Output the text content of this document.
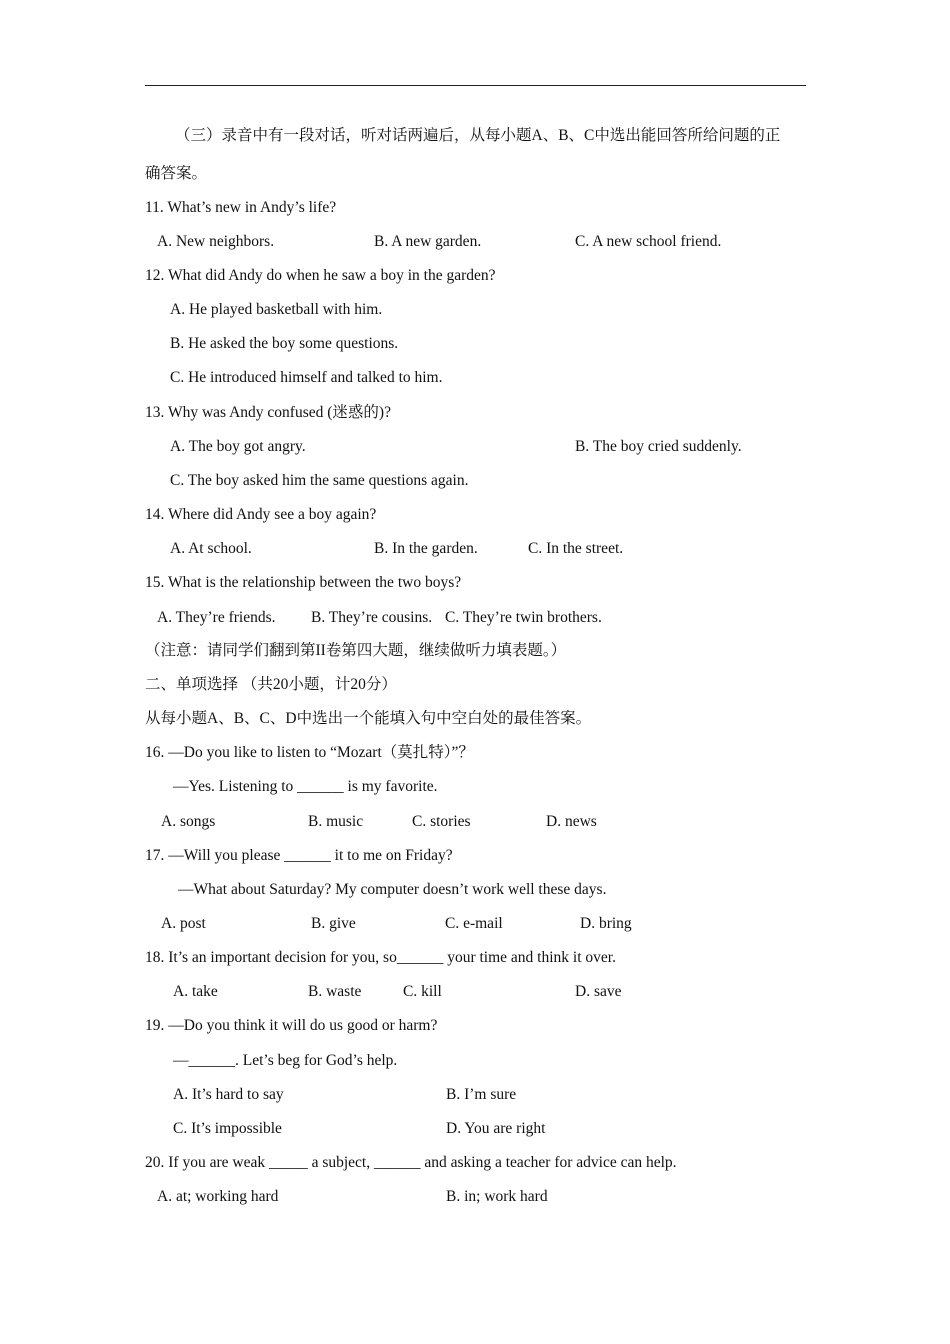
（三）录音中有一段对话，听对话两遍后，从每小题A、B、C中选出能回答所给问题的正
确答案。
11. What’s new in Andy’s life?
A. New neighbors.	B. A new garden.	C. A new school friend.
12. What did Andy do when he saw a boy in the garden?
A. He played basketball with him.
B. He asked the boy some questions.
C. He introduced himself and talked to him.
13. Why was Andy confused (迷惑的)?
A. The boy got angry.	B. The boy cried suddenly.
C. The boy asked him the same questions again.
14. Where did Andy see a boy again?
A. At school.	B. In the garden.	C. In the street.
15. What is the relationship between the two boys?
A. They’re friends. B. They’re cousins. C. They’re twin brothers.
（注意：请同学们翻到第II卷第四大题，继续做听力填表题。）
二、单项选择 （共20小题，计20分）
从每小题A、B、C、D中选出一个能填入句中空白处的最佳答案。
16. —Do you like to listen to “Mozart（莫扎特）”？
—Yes. Listening to ______ is my favorite.
A. songs	B. music	C. stories	D. news
17. —Will you please ______ it to me on Friday?
—What about Saturday? My computer doesn’t work well these days.
A. post	B. give	C. e-mail	D. bring
18. It’s an important decision for you, so______ your time and think it over.
A. take	B. waste	C. kill	D. save
19. —Do you think it will do us good or harm?
—______. Let’s beg for God’s help.
A. It’s hard to say	B. I’m sure
C. It’s impossible	D. You are right
20. If you are weak _____ a subject, ______ and asking a teacher for advice can help.
A. at; working hard	B. in; work hard
